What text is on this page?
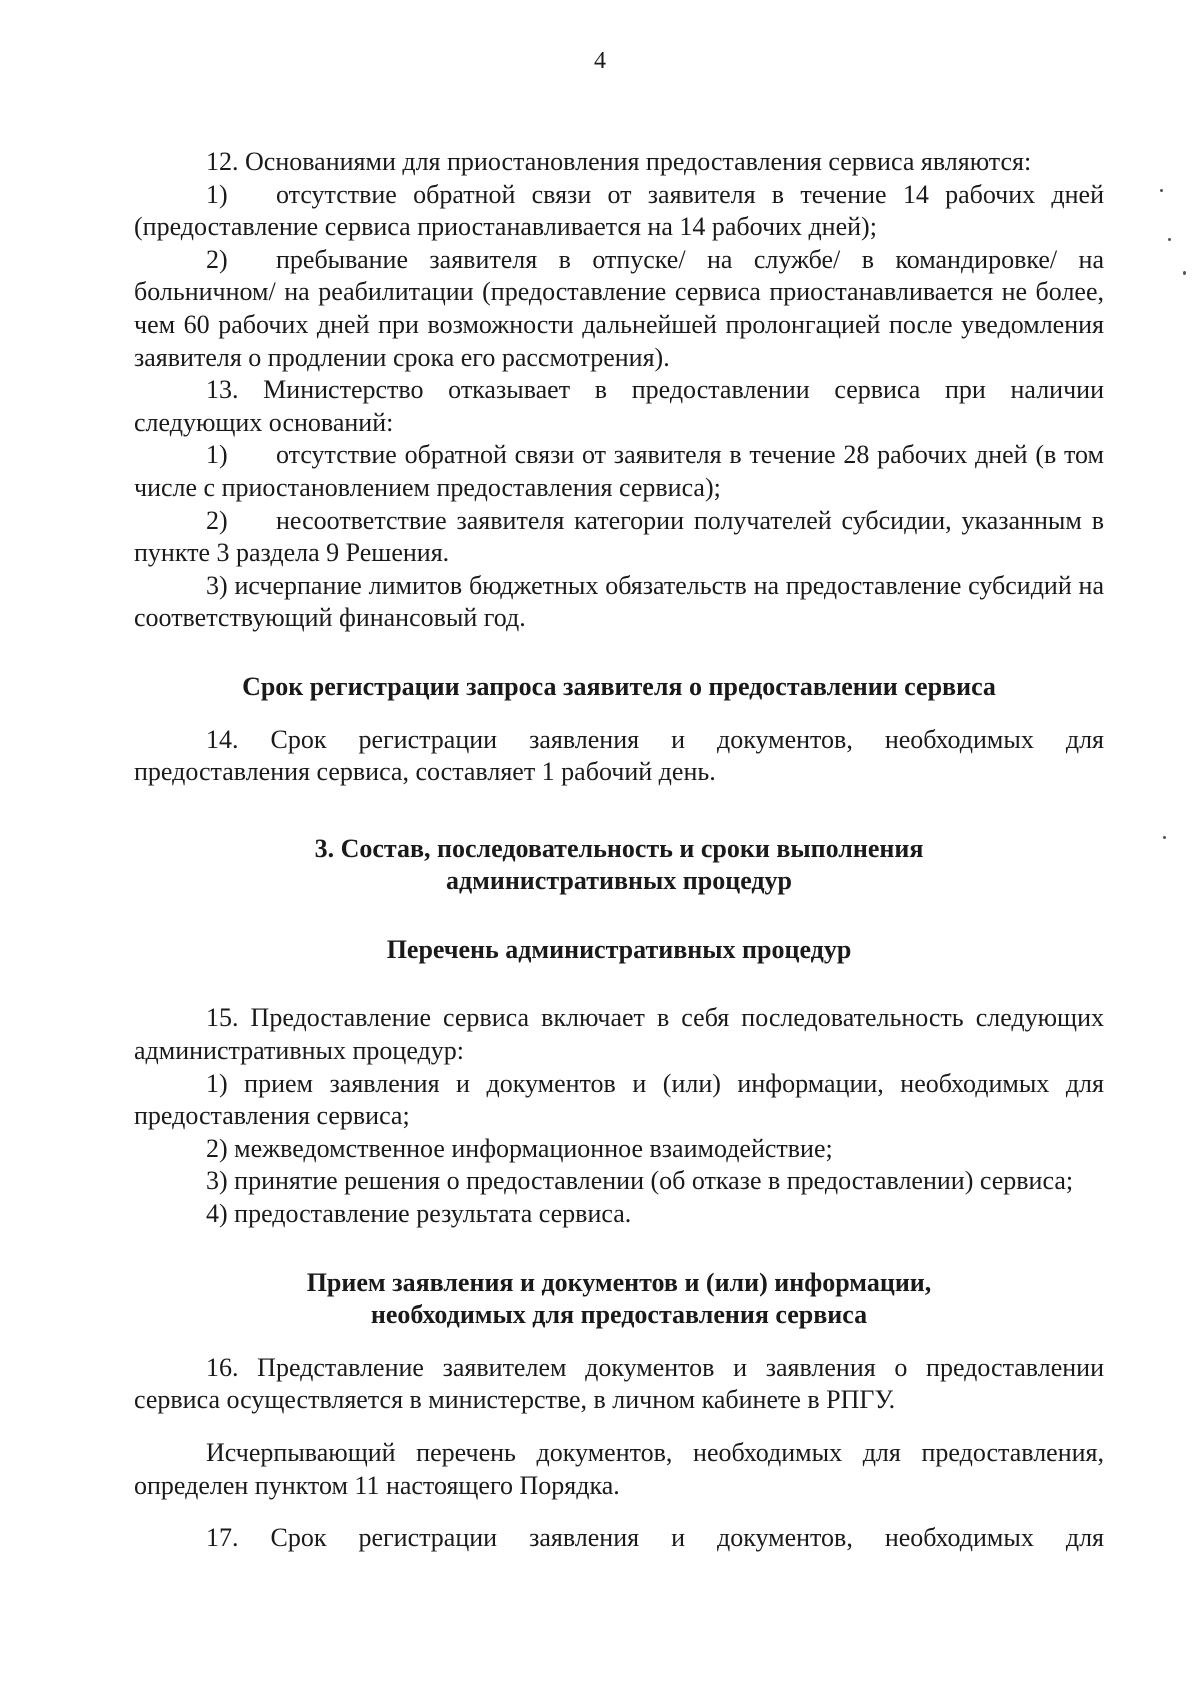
4

12. Основаниями для приостановления предоставления сервиса являются:

1) отсутствие обратной связи от заявителя в течение 14 рабочих дней (предоставление сервиса приостанавливается на 14 рабочих дней);

2) пребывание заявителя в отпуске/ на службе/ в командировке/ на больничном/ на реабилитации (предоставление сервиса приостанавливается не более, чем 60 рабочих дней при возможности дальнейшей пролонгацией после уведомления заявителя о продлении срока его рассмотрения).

13. Министерство отказывает в предоставлении сервиса при наличии следующих оснований:

1) отсутствие обратной связи от заявителя в течение 28 рабочих дней (в том числе с приостановлением предоставления сервиса);

2) несоответствие заявителя категории получателей субсидии, указанным в пункте 3 раздела 9 Решения.

3) исчерпание лимитов бюджетных обязательств на предоставление субсидий на соответствующий финансовый год.

Срок регистрации запроса заявителя о предоставлении сервиса

14. Срок регистрации заявления и документов, необходимых для предоставления сервиса, составляет 1 рабочий день.

3. Состав, последовательность и сроки выполнения

административных процедур

Перечень административных процедур

15. Предоставление сервиса включает в себя последовательность следующих административных процедур:

1) прием заявления и документов и (или) информации, необходимых для предоставления сервиса;

2) межведомственное информационное взаимодействие;

3) принятие решения о предоставлении (об отказе в предоставлении) сервиса;

4) предоставление результата сервиса.

Прием заявления и документов и (или) информации,

необходимых для предоставления сервиса

16. Представление заявителем документов и заявления о предоставлении сервиса осуществляется в министерстве, в личном кабинете в РПГУ.

Исчерпывающий перечень документов, необходимых для предоставления, определен пунктом 11 настоящего Порядка.

17. Срок регистрации заявления и документов, необходимых для
